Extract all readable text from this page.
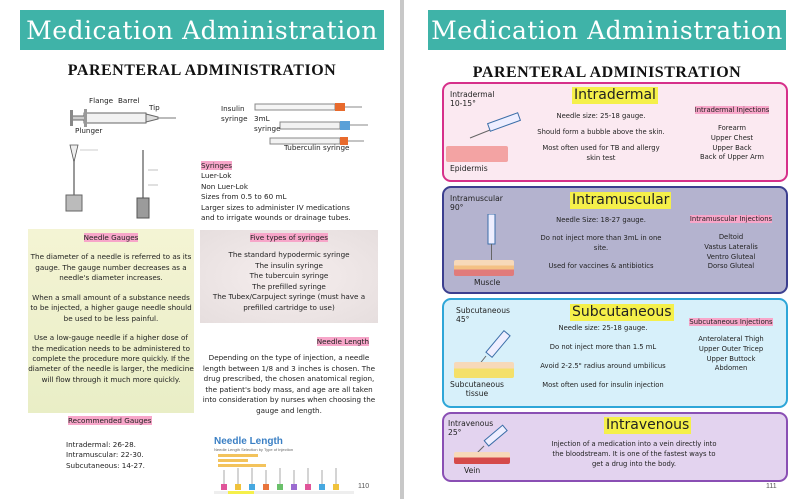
Medication Administration
PARENTERAL ADMINISTRATION
Flange Barrel
Tip
Plunger
Insulin
syringe 3mL
syringe
Tuberculin syringe
Syringes
Luer-Lok
Non Luer-Lok
Sizes from 0.5 to 60 mL
Larger sizes to administer IV medications
and to irrigate wounds or drainage tubes.
Needle Gauges
The diameter of a needle is referred to as its gauge. The gauge number decreases as a needle's diameter increases.
When a small amount of a substance needs to be injected, a higher gauge needle should be used to be less painful.
Use a low-gauge needle if a higher dose of the medication needs to be administered to complete the procedure more quickly. If the diameter of the needle is larger, the medicine will flow through it much more quickly.
Five types of syringes
The standard hypodermic syringe
The insulin syringe
The tubercuin syringe
The prefilled syringe
The Tubex/Carpuject syringe (must have a prefilled cartridge to use)
Needle Length
Depending on the type of injection, a needle length between 1/8 and 3 inches is chosen. The drug prescribed, the chosen anatomical region, the patient's body mass, and age are all taken into consideration by nurses when choosing the gauge and length.
Recommended Gauges
Intradermal: 26-28.
Intramuscular: 22-30.
Subcutaneous: 14-27.
Needle Length
Needle Length Selection by Type of Injection
110
Medication Administration
PARENTERAL ADMINISTRATION
Intradermal
10-15°
Epidermis
Intradermal
Needle size: 25-18 gauge.
Should form a bubble above the skin.
Most often used for TB and allergy skin test
Intradermal Injections
Forearm
Upper Chest
Upper Back
Back of Upper Arm
Intramuscular
90°
Muscle
Intramuscular
Needle Size: 18-27 gauge.
Do not inject more than 3mL in one site.
Used for vaccines & antibiotics
Intramuscular Injections
Deltoid
Vastus Lateralis
Ventro Gluteal
Dorso Gluteal
Subcutaneous
45°
Subcutaneous
tissue
Subcutaneous
Needle size: 25-18 gauge.
Do not inject more than 1.5 mL
Avoid 2-2.5" radius around umbilicus
Most often used for insulin injection
Subcutaneous Injections
Anterolateral Thigh
Upper Outer Tricep
Upper Buttock
Abdomen
Intravenous
25°
Vein
Intravenous
Injection of a medication into a vein directly into the bloodstream. It is one of the fastest ways to get a drug into the body.
111
